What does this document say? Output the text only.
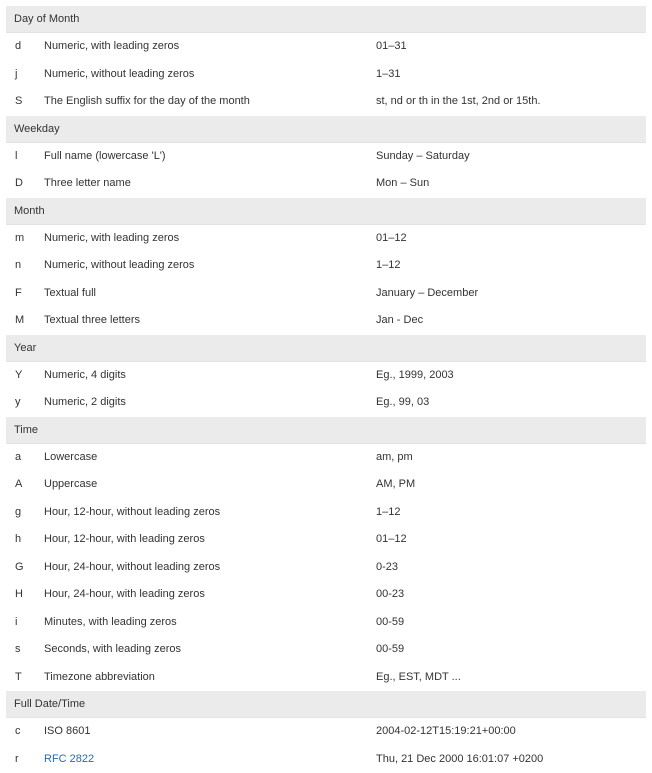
Day of Month
d Numeric, with leading zeros	01–31
j Numeric, without leading zeros	1–31
S The English suffix for the day of the month	st, nd or th in the 1st, 2nd or 15th.
Weekday
l Full name (lowercase 'L')	Sunday – Saturday
D Three letter name	Mon – Sun
Month
m Numeric, with leading zeros	01–12
n Numeric, without leading zeros	1–12
F Textual full	January – December
M Textual three letters	Jan - Dec
Year
Y Numeric, 4 digits	Eg., 1999, 2003
y Numeric, 2 digits	Eg., 99, 03
Time
a Lowercase	am, pm
A Uppercase	AM, PM
g Hour, 12-hour, without leading zeros	1–12
h Hour, 12-hour, with leading zeros	01–12
G Hour, 24-hour, without leading zeros	0-23
H Hour, 24-hour, with leading zeros	00-23
i Minutes, with leading zeros	00-59
s Seconds, with leading zeros	00-59
T Timezone abbreviation	Eg., EST, MDT ...
Full Date/Time
c ISO 8601	2004-02-12T15:19:21+00:00
r RFC 2822	Thu, 21 Dec 2000 16:01:07 +0200
